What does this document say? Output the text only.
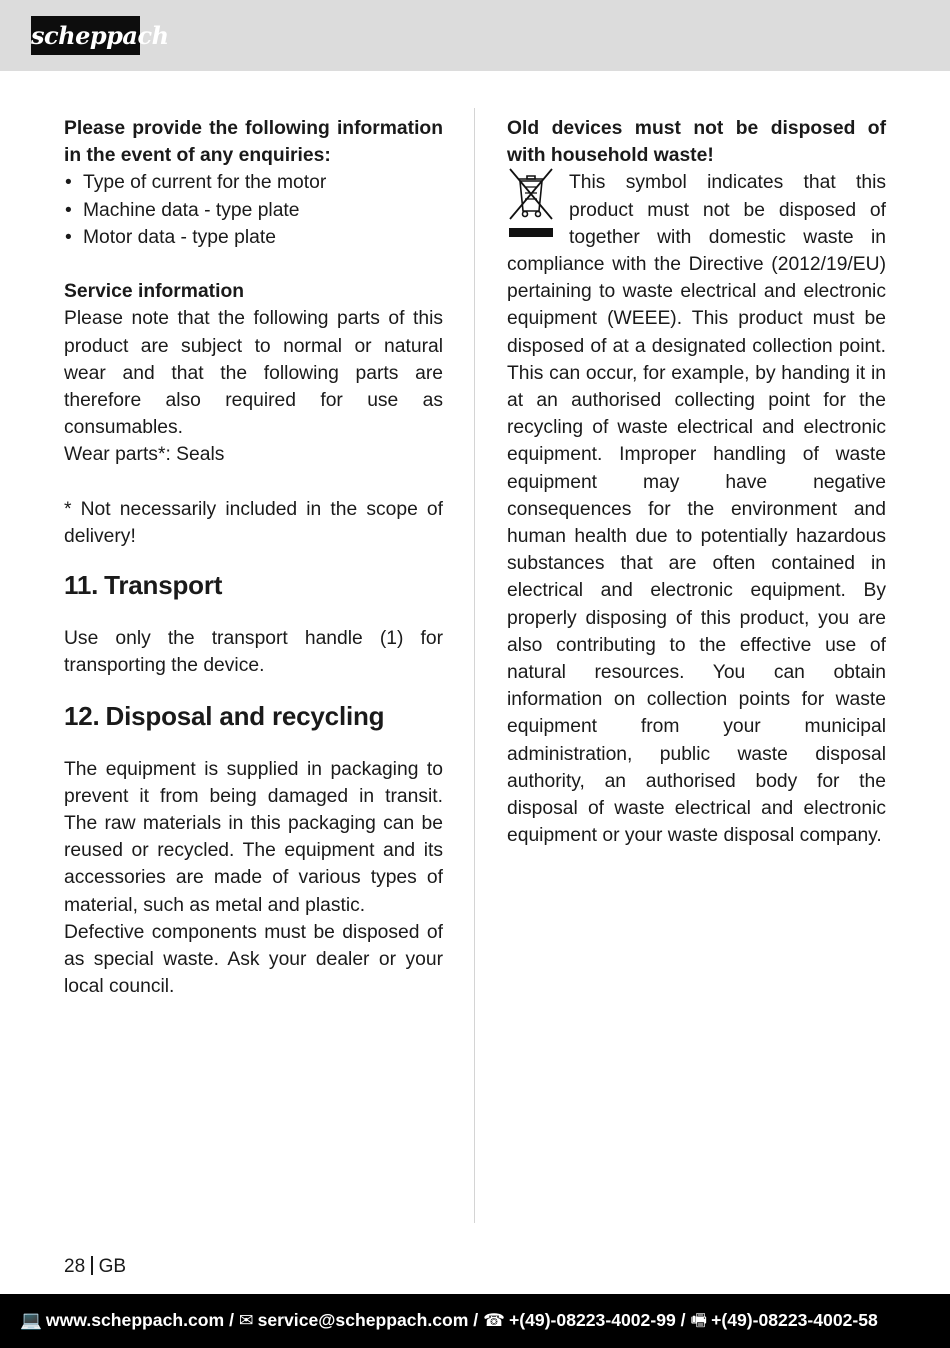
scheppach

Please provide the following information in the event of any enquiries:

• Type of current for the motor
• Machine data - type plate
• Motor data - type plate

Service information

Please note that the following parts of this product are subject to normal or natural wear and that the following parts are therefore also required for use as consumables.

Wear parts*: Seals

* Not necessarily included in the scope of delivery!

11. Transport

Use only the transport handle (1) for transporting the device.

12. Disposal and recycling

The equipment is supplied in packaging to prevent it from being damaged in transit. The raw materials in this packaging can be reused or recycled. The equipment and its accessories are made of various types of material, such as metal and plastic.

Defective components must be disposed of as special waste. Ask your dealer or your local council.

Old devices must not be disposed of with household waste!

This symbol indicates that this product must not be disposed of together with domestic waste in compliance with the Directive (2012/19/EU) pertaining to waste electrical and electronic equipment (WEEE). This product must be disposed of at a designated collection point. This can occur, for example, by handing it in at an authorised collecting point for the recycling of waste electrical and electronic equipment. Improper handling of waste equipment may have negative consequences for the environment and human health due to potentially hazardous substances that are often contained in electrical and electronic equipment. By properly disposing of this product, you are also contributing to the effective use of natural resources. You can obtain information on collection points for waste equipment from your municipal administration, public waste disposal authority, an authorised body for the disposal of waste electrical and electronic equipment or your waste disposal company.

28 GB
💻 www.scheppach.com / ✉ service@scheppach.com / ☎ +(49)-08223-4002-99 / 🖷 +(49)-08223-4002-58
